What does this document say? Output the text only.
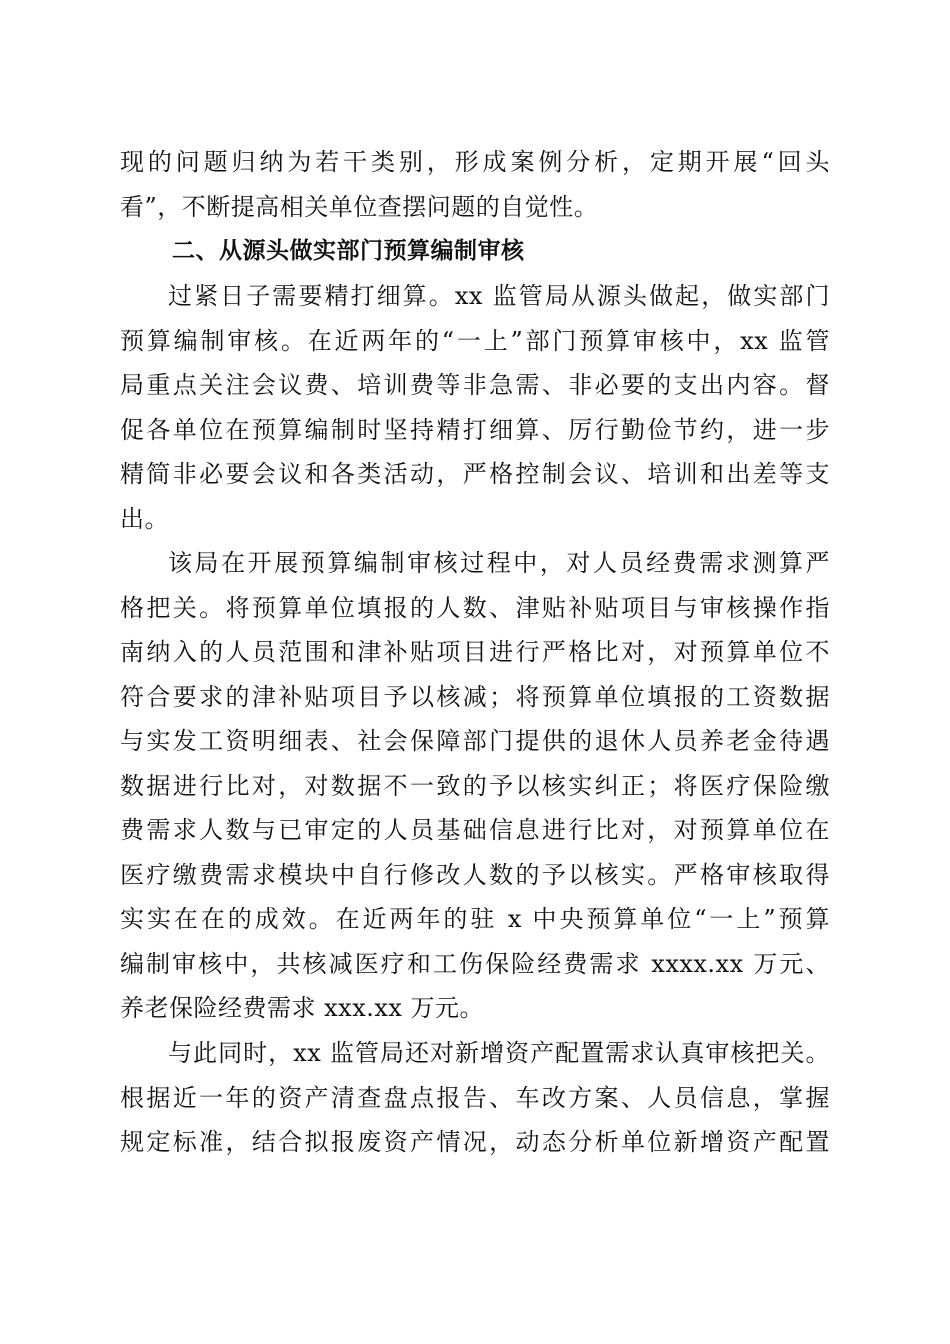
现的问题归纳为若干类别，形成案例分析，定期开展“回头
看”，不断提高相关单位查摆问题的自觉性。
二、从源头做实部门预算编制审核
过紧日子需要精打细算。xx 监管局从源头做起，做实部门
预算编制审核。在近两年的“一上”部门预算审核中，xx 监管
局重点关注会议费、培训费等非急需、非必要的支出内容。督
促各单位在预算编制时坚持精打细算、厉行勤俭节约，进一步
精简非必要会议和各类活动，严格控制会议、培训和出差等支
出。
该局在开展预算编制审核过程中，对人员经费需求测算严
格把关。将预算单位填报的人数、津贴补贴项目与审核操作指
南纳入的人员范围和津补贴项目进行严格比对，对预算单位不
符合要求的津补贴项目予以核减；将预算单位填报的工资数据
与实发工资明细表、社会保障部门提供的退休人员养老金待遇
数据进行比对，对数据不一致的予以核实纠正；将医疗保险缴
费需求人数与已审定的人员基础信息进行比对，对预算单位在
医疗缴费需求模块中自行修改人数的予以核实。严格审核取得
实实在在的成效。在近两年的驻 x 中央预算单位“一上”预算
编制审核中，共核减医疗和工伤保险经费需求 xxxx.xx 万元、
养老保险经费需求 xxx.xx 万元。
与此同时，xx 监管局还对新增资产配置需求认真审核把关。
根据近一年的资产清查盘点报告、车改方案、人员信息，掌握
规定标准，结合拟报废资产情况，动态分析单位新增资产配置
